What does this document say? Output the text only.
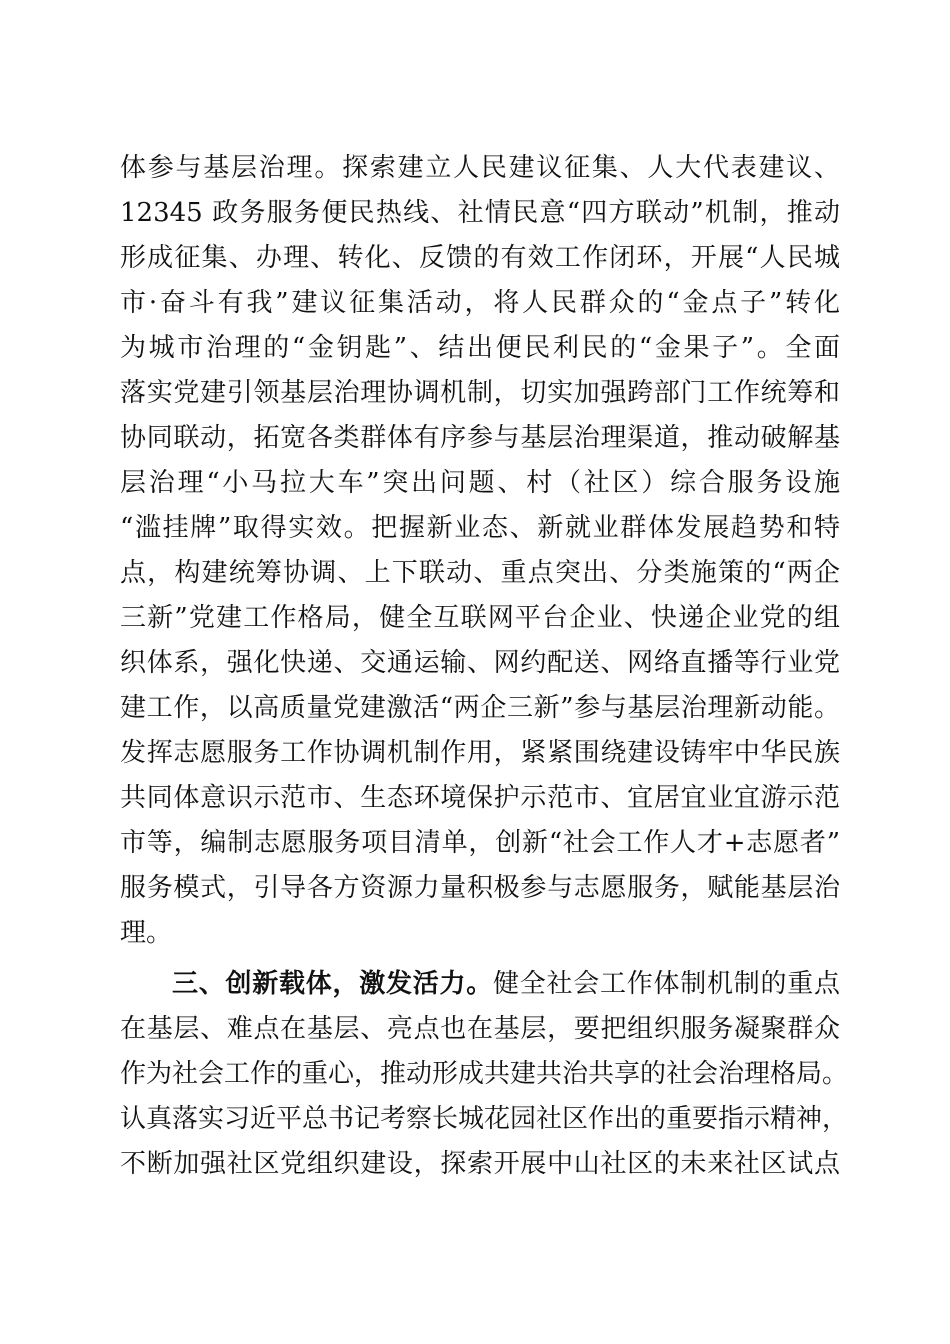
体参与基层治理。探索建立人民建议征集、人大代表建议、
12345 政务服务便民热线、社情民意“四方联动”机制，推动
形成征集、办理、转化、反馈的有效工作闭环，开展“人民城
市·奋斗有我”建议征集活动，将人民群众的“金点子”转化
为城市治理的“金钥匙”、结出便民利民的“金果子”。全面
落实党建引领基层治理协调机制，切实加强跨部门工作统筹和
协同联动，拓宽各类群体有序参与基层治理渠道，推动破解基
层治理“小马拉大车”突出问题、村（社区）综合服务设施
“滥挂牌”取得实效。把握新业态、新就业群体发展趋势和特
点，构建统筹协调、上下联动、重点突出、分类施策的“两企
三新”党建工作格局，健全互联网平台企业、快递企业党的组
织体系，强化快递、交通运输、网约配送、网络直播等行业党
建工作，以高质量党建激活“两企三新”参与基层治理新动能。
发挥志愿服务工作协调机制作用，紧紧围绕建设铸牢中华民族
共同体意识示范市、生态环境保护示范市、宜居宜业宜游示范
市等，编制志愿服务项目清单，创新“社会工作人才+志愿者”
服务模式，引导各方资源力量积极参与志愿服务，赋能基层治
理。
三、创新载体，激发活力。健全社会工作体制机制的重点
在基层、难点在基层、亮点也在基层，要把组织服务凝聚群众
作为社会工作的重心，推动形成共建共治共享的社会治理格局。
认真落实习近平总书记考察长城花园社区作出的重要指示精神，
不断加强社区党组织建设，探索开展中山社区的未来社区试点
